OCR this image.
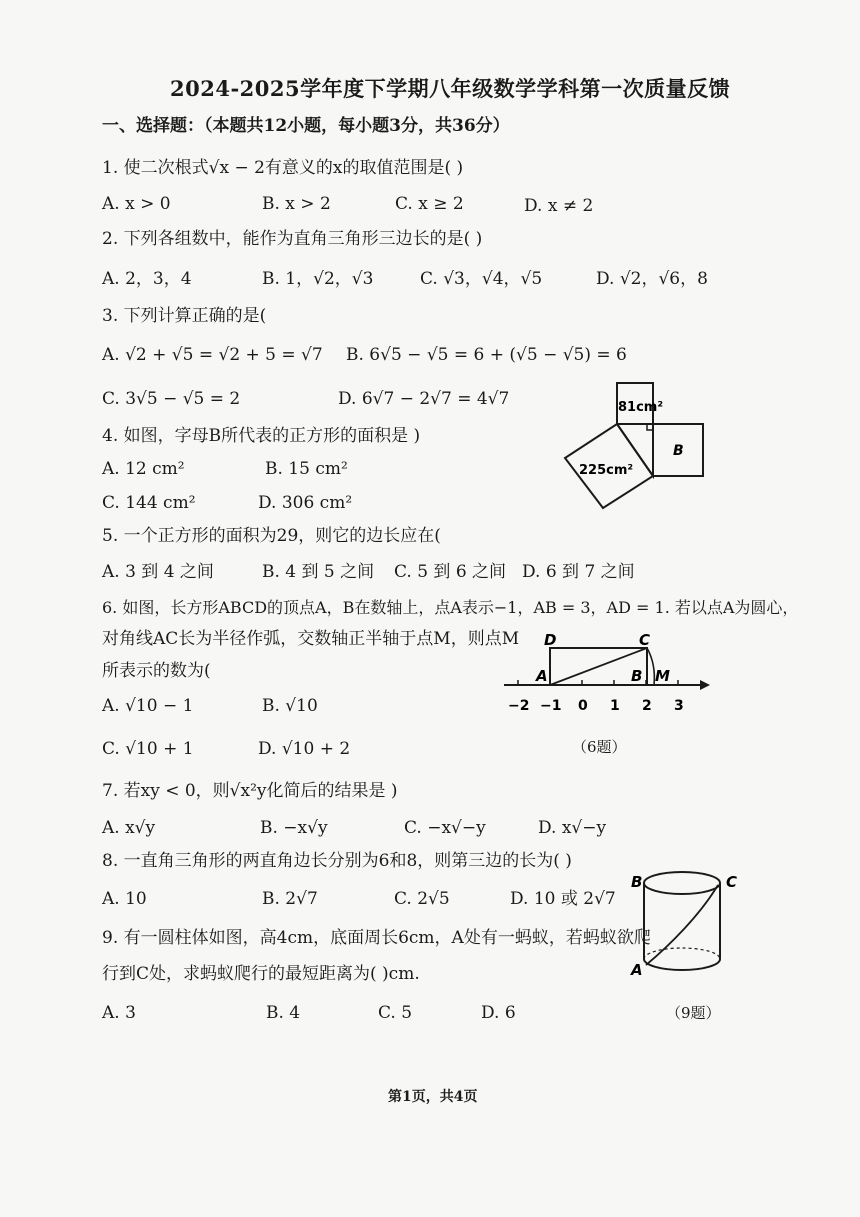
2024-2025学年度下学期八年级数学学科第一次质量反馈
一、选择题：（本题共12小题，每小题3分，共36分）
1. 使二次根式√x − 2有意义的x的取值范围是( )
A. x > 0	B. x > 2	C. x ≥ 2	D. x ≠ 2
2. 下列各组数中，能作为直角三角形三边长的是( )
A. 2，3，4	B. 1，√2，√3	C. √3，√4，√5	D. √2，√6，8
3. 下列计算正确的是(
A. √2 + √5 = √2 + 5 = √7 B. 6√5 − √5 = 6 + (√5 − √5) = 6
C. 3√5 − √5 = 2	D. 6√7 − 2√7 = 4√7
4. 如图，字母B所代表的正方形的面积是 )
A. 12 cm²	B. 15 cm²
C. 144 cm²	D. 306 cm²
81cm²
225cm²
B
5. 一个正方形的面积为29，则它的边长应在(
A. 3 到 4 之间	B. 4 到 5 之间 C. 5 到 6 之间 D. 6 到 7 之间
6. 如图，长方形ABCD的顶点A，B在数轴上，点A表示−1，AB = 3，AD = 1. 若以点A为圆心，
对角线AC长为半径作弧，交数轴正半轴于点M，则点M
所表示的数为(
A. √10 − 1	B. √10
C. √10 + 1	D. √10 + 2
D	C
A	B M
−2 −1 0 1 2 3
（6题）
7. 若xy < 0，则√x²y化简后的结果是 )
A. x√y	B. −x√y	C. −x√−y	D. x√−y
8. 一直角三角形的两直角边长分别为6和8，则第三边的长为( )
A. 10	B. 2√7	C. 2√5	D. 10 或 2√7
9. 有一圆柱体如图，高4cm，底面周长6cm，A处有一蚂蚁，若蚂蚁欲爬
行到C处，求蚂蚁爬行的最短距离为( )cm.
A. 3	B. 4	C. 5	D. 6
B	C
A
（9题）
第1页，共4页
